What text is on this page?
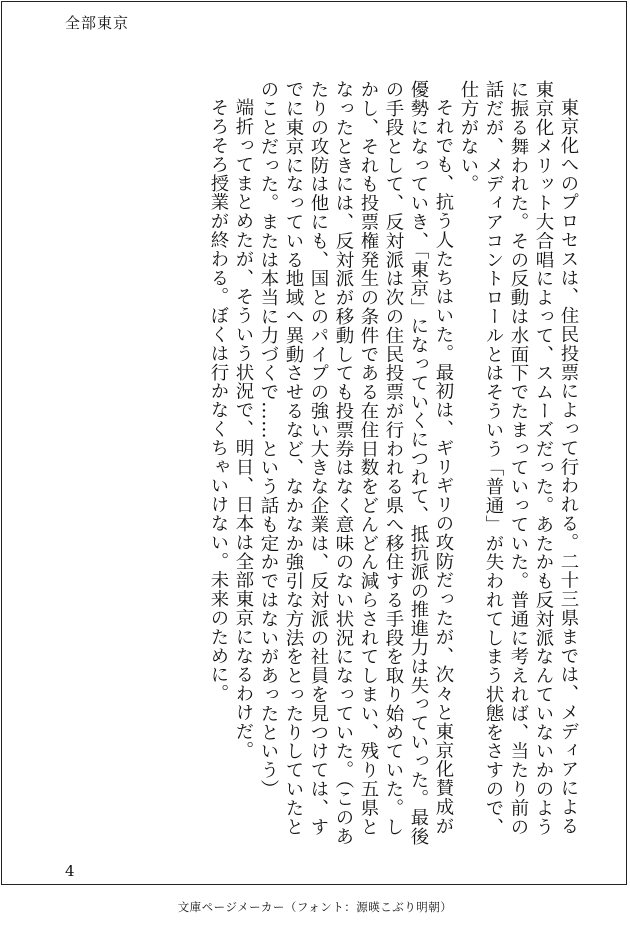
全部東京

東京化へのプロセスは、住民投票によって行われる。二十三県までは、メディアによる東京化メリット大合唱によって、スムーズだった。あたかも反対派なんていないかのように振る舞われた。その反動は水面下でたまっていっていた。普通に考えれば、当たり前の話だが、メディアコントロールとはそういう「普通」が失われてしまう状態をさすので、仕方がない。

それでも、抗う人たちはいた。最初は、ギリギリの攻防だったが、次々と東京化賛成が優勢になっていき、「東京」になっていくにつれて、抵抗派の推進力は失っていった。最後の手段として、反対派は次の住民投票が行われる県へ移住する手段を取り始めていた。しかし、それも投票権発生の条件である在住日数をどんどん減らされてしまい、残り五県となったときには、反対派が移動しても投票券はなく意味のない状況になっていた。（このあたりの攻防は他にも、国とのパイプの強い大きな企業は、反対派の社員を見つけては、すでに東京になっている地域へ異動させるなど、なかなか強引な方法をとったりしていたとのことだった。または本当に力づくで……という話も定かではないがあったという）

端折ってまとめたが、そういう状況で、明日、日本は全部東京になるわけだ。

そろそろ授業が終わる。ぼくは行かなくちゃいけない。未来のために。

4
文庫ページメーカー（フォント：源暎こぶり明朝）
